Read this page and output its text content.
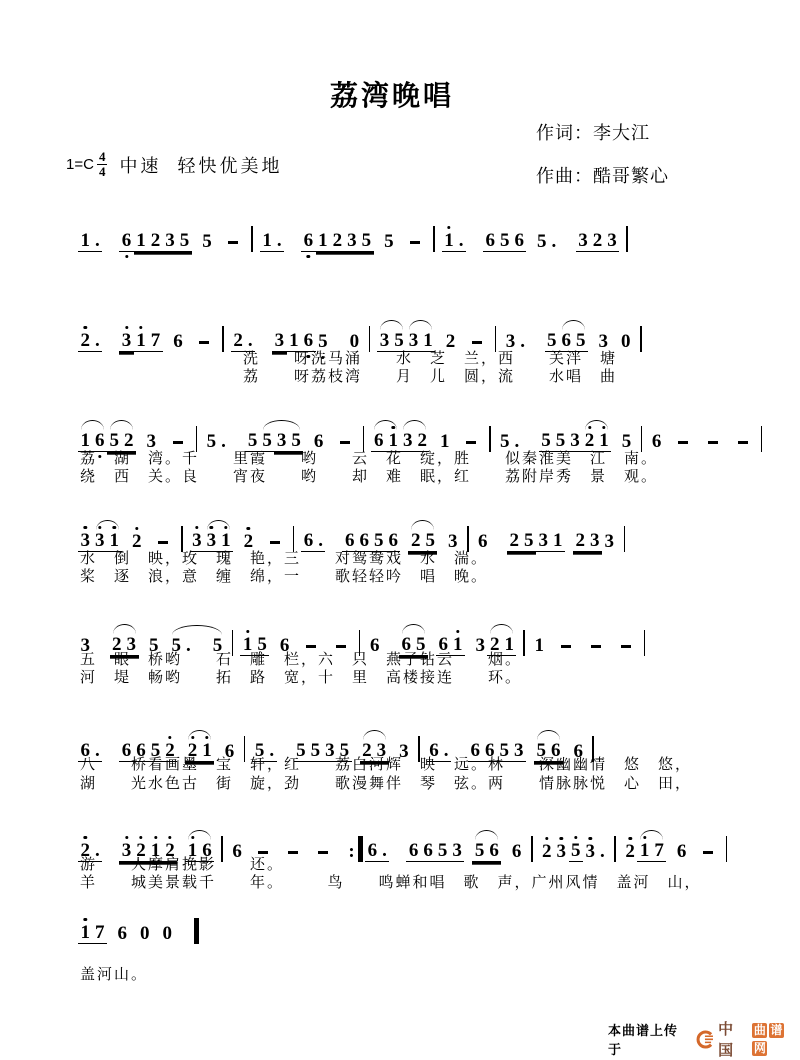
荔湾晚唱
作词：李大江
作曲：酷哥繁心
$1=C \frac{4}{4}$ 中速  轻快优美地
1 . 6 1 2 3 5 5	1 . 6 1 2 3 5 5	1 . 6 5 6 5 . 3 2 3
2 . 3 1 7 6	2 . 3 1 6 5 0 3 5 3 1 2	3 . 5 6 5 3 0
洗　　呀洗马涌　　水　芝　兰，西　　关泮　塘
荔　　呀荔枝湾　　月　儿　圆，流　　水唱　曲
1 6 5 2 3	5 . 5 5 3 5 6	6 1 3 2 1	5 . 5 5 3 2 1 5 6
荔　湖　湾。千　　里霞　　哟　　云　花　绽，胜　　似秦淮美　江　南。
绕　西　关。良　　宵夜　　哟　　却　难　眠，红　　荔附岸秀　景　观。
3 3 1 2	3 3 1 2	6 . 6 6 5 6 2 5 3 6 2 5 3 1 2 3 3
水　倒　映，玫　瑰　艳，三　　对鸳鸯戏　水　湍。
桨　逐　浪，意　缠　绵，一　　歌轻轻吟　唱　晚。
3 2 3 5 5 . 5 1 5 6	6 6 5 6 1 3 2 1 1
五　眼　桥哟　　石　雕　栏，六　只　燕子钻云　　烟。
河　堤　畅哟　　拓　路　宽，十　里　高楼接连　　环。
6 . 6 6 5 2 2 1 6 5 . 5 5 3 5 2 3 3 6 . 6 6 5 3 5 6 6
八　　桥看画墨　宝　轩，红　　荔白河辉　映　远。林　　深幽幽情　悠　悠，
湖　　光水色古　街　旋，劲　　歌漫舞伴　琴　弦。两　　情脉脉悦　心　田，
2 . 3 2 1 2 1 6 6	: 6 . 6 6 5 3 5 6 6 2 3 5 3 . 2 1 7 6
游　　人摩肩挽影　　还。
羊　　城美景载千　　年。　　　鸟　　鸣蝉和唱　歌　声，广州风情　盖河　山，
1 7 6 0 0
盖河山。
本曲谱上传于
中国
曲 谱网
